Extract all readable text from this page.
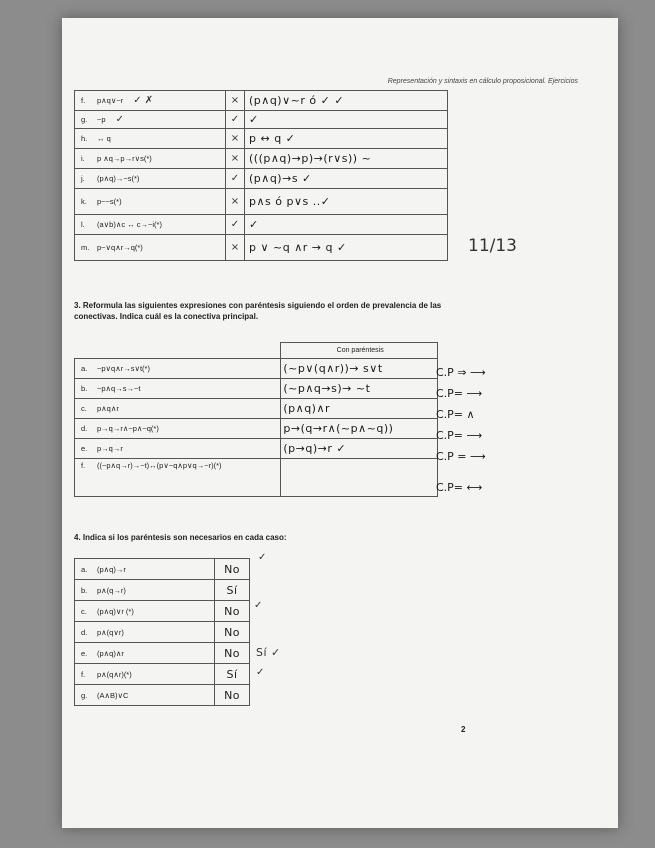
Representación y sintaxis en cálculo proposicional. Ejercicios
f. p∧q∨~r ✓ ✗	×	(p∧q)∨~r ó ✓ ✓

g. ~p ✓	✓	✓

h. ↔ q	×	p ↔ q ✓

i. p ∧q→p→r∨s(*)	×	(((p∧q)→p)→(r∨s)) ~

j. (p∧q)→~s(*)	✓	(p∧q)→s ✓

k. p~~s(*)	×	p∧s ó p∨s ..✓

l. (a∨b)∧c ↔ c→~i(*)	✓	✓

m. p~∨q∧r→q(*)	×	p ∨ ~q ∧r → q ✓	11/13
3. Reformula las siguientes expresiones con paréntesis siguiendo el orden de prevalencia de las conectivas. Indica cuál es la conectiva principal.
	Con paréntesis

a. ~p∨q∧r→s∨t(*)	(~p∨(q∧r))→ s∨t

b. ~p∧q→s→~t	(~p∧q→s)→ ~t

c. p∧q∧r	(p∧q)∧r

d. p→q→r∧~p∧~q(*)	p→(q→r∧(~p∧~q))

e. p→q→r	(p→q)→r ✓

f. ((~p∧q→r)→~t)↔(p∨~q∧p∨q→~r)(*)	

4. Indica si los paréntesis son necesarios en cada caso:
a. (p∧q)→r	No

b. p∧(q→r)	Sí

c. (p∧q)∨r (*)	No

d. p∧(q∨r)	No

e. (p∧q)∧r	No

f. p∧(q∧r)(*)	Sí

g. (A∧B)∨C	No
✓
✓
Sí ✓
✓
2
C.P ⇒ ⟶
C.P= ⟶
C.P= ∧
C.P= ⟶
C.P = ⟶
C.P= ⟷
